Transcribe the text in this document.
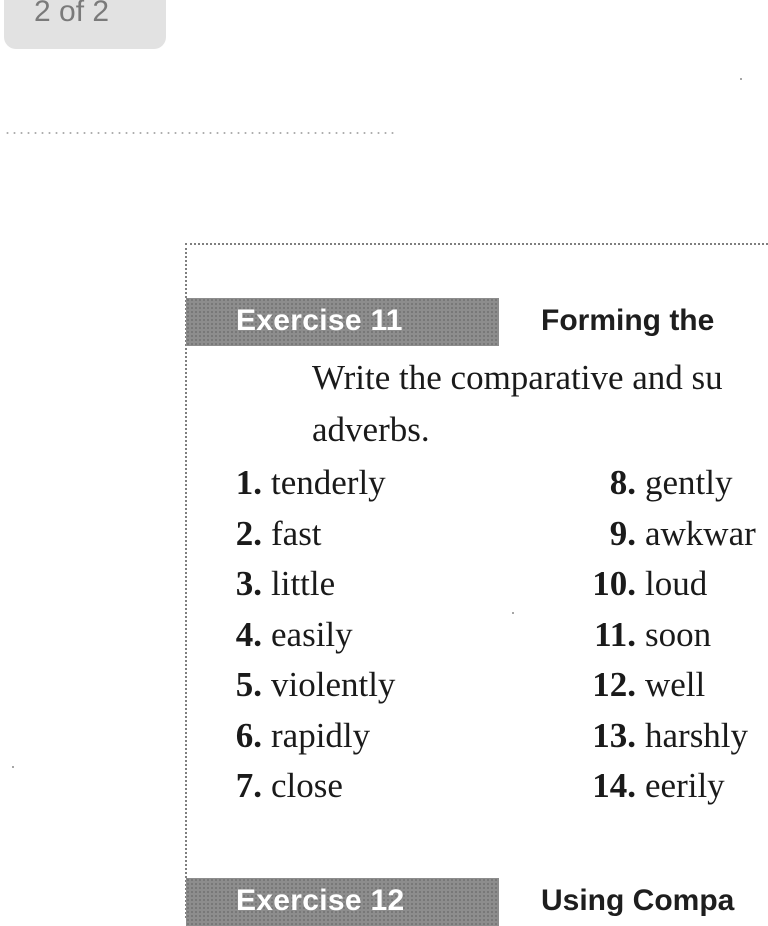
2 of 2
Exercise 11	Forming the

Write the comparative and su adverbs.

1. tenderly
2. fast
3. little
4. easily
5. violently
6. rapidly
7. close
8. gently
9. awkwar
10. loud
11. soon
12. well
13. harshly
14. eerily
Exercise 12	Using Compa
